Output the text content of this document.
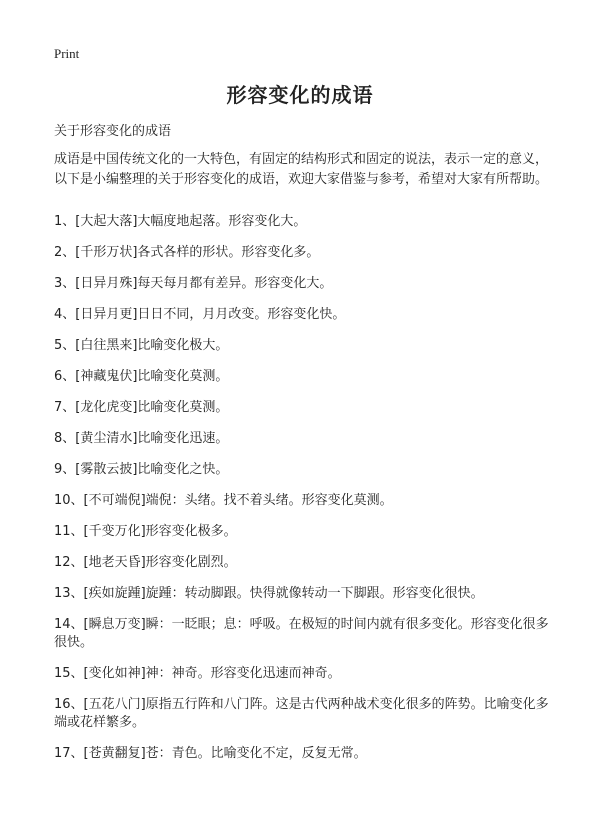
Print
形容变化的成语

关于形容变化的成语

成语是中国传统文化的一大特色，有固定的结构形式和固定的说法，表示一定的意义，以下是小编整理的关于形容变化的成语，欢迎大家借鉴与参考，希望对大家有所帮助。

1、[大起大落]大幅度地起落。形容变化大。
2、[千形万状]各式各样的形状。形容变化多。
3、[日异月殊]每天每月都有差异。形容变化大。
4、[日异月更]日日不同，月月改变。形容变化快。
5、[白往黑来]比喻变化极大。
6、[神藏鬼伏]比喻变化莫测。
7、[龙化虎变]比喻变化莫测。
8、[黄尘清水]比喻变化迅速。
9、[雾散云披]比喻变化之快。
10、[不可端倪]端倪：头绪。找不着头绪。形容变化莫测。
11、[千变万化]形容变化极多。
12、[地老天昏]形容变化剧烈。
13、[疾如旋踵]旋踵：转动脚跟。快得就像转动一下脚跟。形容变化很快。
14、[瞬息万变]瞬：一眨眼；息：呼吸。在极短的时间内就有很多变化。形容变化很多很快。
15、[变化如神]神：神奇。形容变化迅速而神奇。
16、[五花八门]原指五行阵和八门阵。这是古代两种战术变化很多的阵势。比喻变化多端或花样繁多。
17、[苍黄翻复]苍：青色。比喻变化不定，反复无常。
